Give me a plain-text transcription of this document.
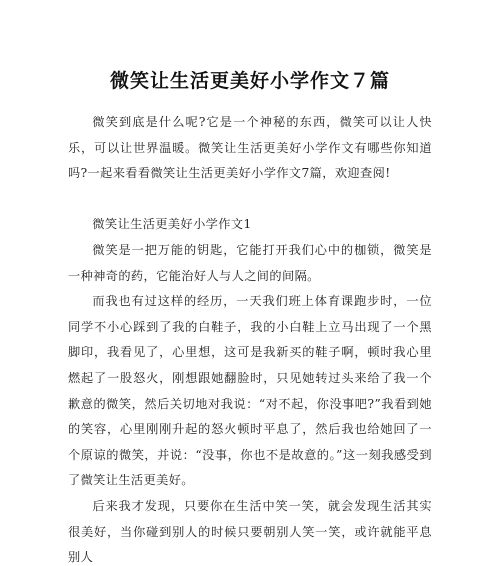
微笑让生活更美好小学作文７篇

微笑到底是什么呢?它是一个神秘的东西，微笑可以让人快乐，可以让世界温暖。微笑让生活更美好小学作文有哪些你知道吗?一起来看看微笑让生活更美好小学作文7篇，欢迎查阅!

微笑让生活更美好小学作文1

微笑是一把万能的钥匙，它能打开我们心中的枷锁，微笑是一种神奇的药，它能治好人与人之间的间隔。

而我也有过这样的经历，一天我们班上体育课跑步时，一位同学不小心踩到了我的白鞋子，我的小白鞋上立马出现了一个黑脚印，我看见了，心里想，这可是我新买的鞋子啊，顿时我心里燃起了一股怒火，刚想跟她翻脸时，只见她转过头来给了我一个歉意的微笑，然后关切地对我说：“对不起，你没事吧?”我看到她的笑容，心里刚刚升起的怒火顿时平息了，然后我也给她回了一个原谅的微笑，并说：“没事，你也不是故意的。”这一刻我感受到了微笑让生活更美好。

后来我才发现，只要你在生活中笑一笑，就会发现生活其实很美好，当你碰到别人的时候只要朝别人笑一笑，或许就能平息别人
